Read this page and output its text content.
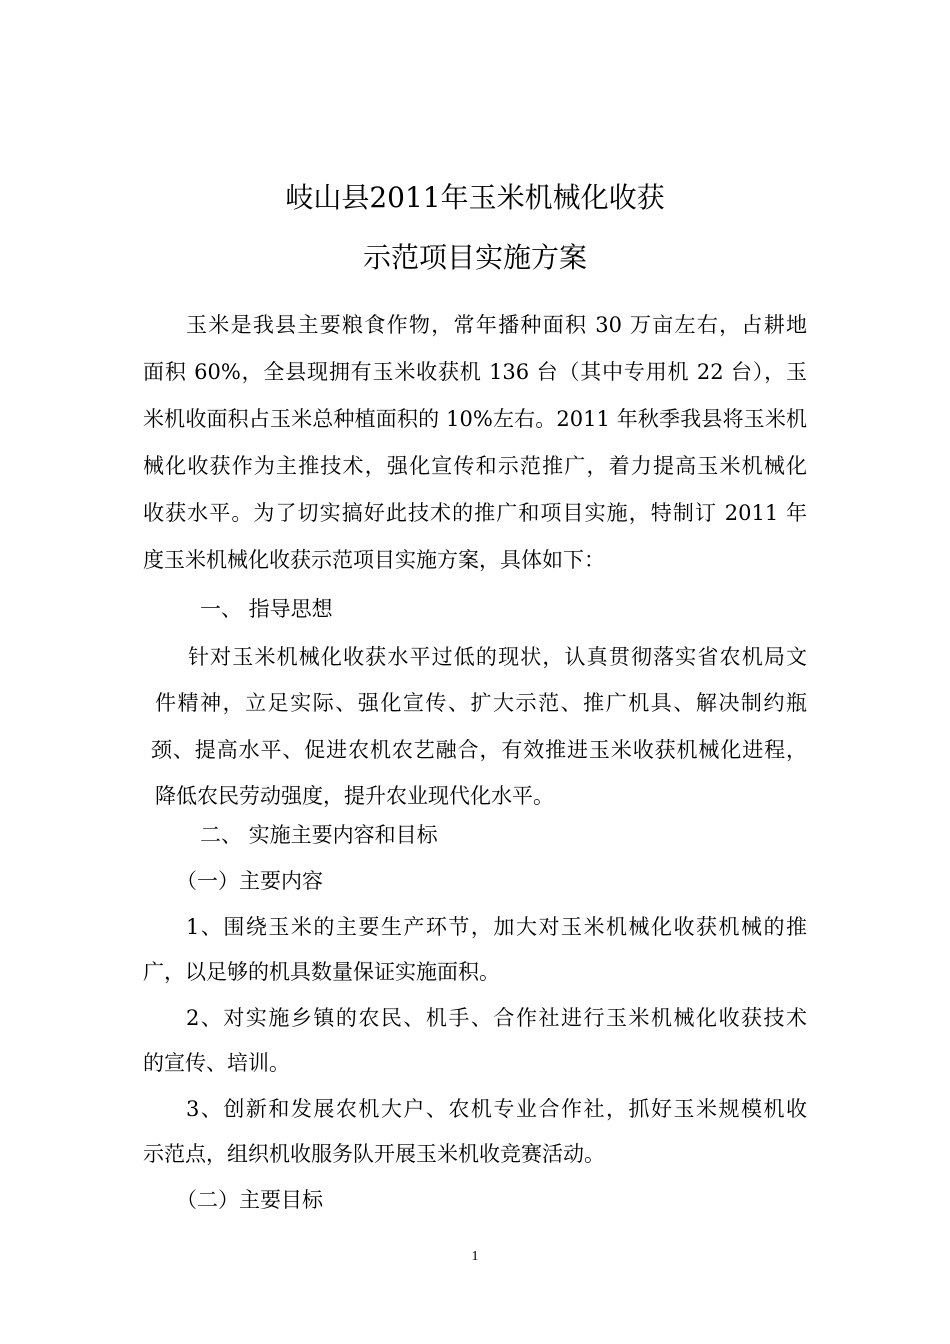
岐山县2011年玉米机械化收获
示范项目实施方案
玉米是我县主要粮食作物，常年播种面积 30 万亩左右，占耕地
面积 60%，全县现拥有玉米收获机 136 台（其中专用机 22 台），玉
米机收面积占玉米总种植面积的 10%左右。2011 年秋季我县将玉米机
械化收获作为主推技术，强化宣传和示范推广，着力提高玉米机械化
收获水平。为了切实搞好此技术的推广和项目实施，特制订 2011 年
度玉米机械化收获示范项目实施方案，具体如下：
一、 指导思想
针对玉米机械化收获水平过低的现状，认真贯彻落实省农机局文
件精神，立足实际、强化宣传、扩大示范、推广机具、解决制约瓶
颈、提高水平、促进农机农艺融合，有效推进玉米收获机械化进程，
降低农民劳动强度，提升农业现代化水平。
二、 实施主要内容和目标
（一）主要内容
1、围绕玉米的主要生产环节，加大对玉米机械化收获机械的推
广，以足够的机具数量保证实施面积。
2、对实施乡镇的农民、机手、合作社进行玉米机械化收获技术
的宣传、培训。
3、创新和发展农机大户、农机专业合作社，抓好玉米规模机收
示范点，组织机收服务队开展玉米机收竞赛活动。
（二）主要目标
1
